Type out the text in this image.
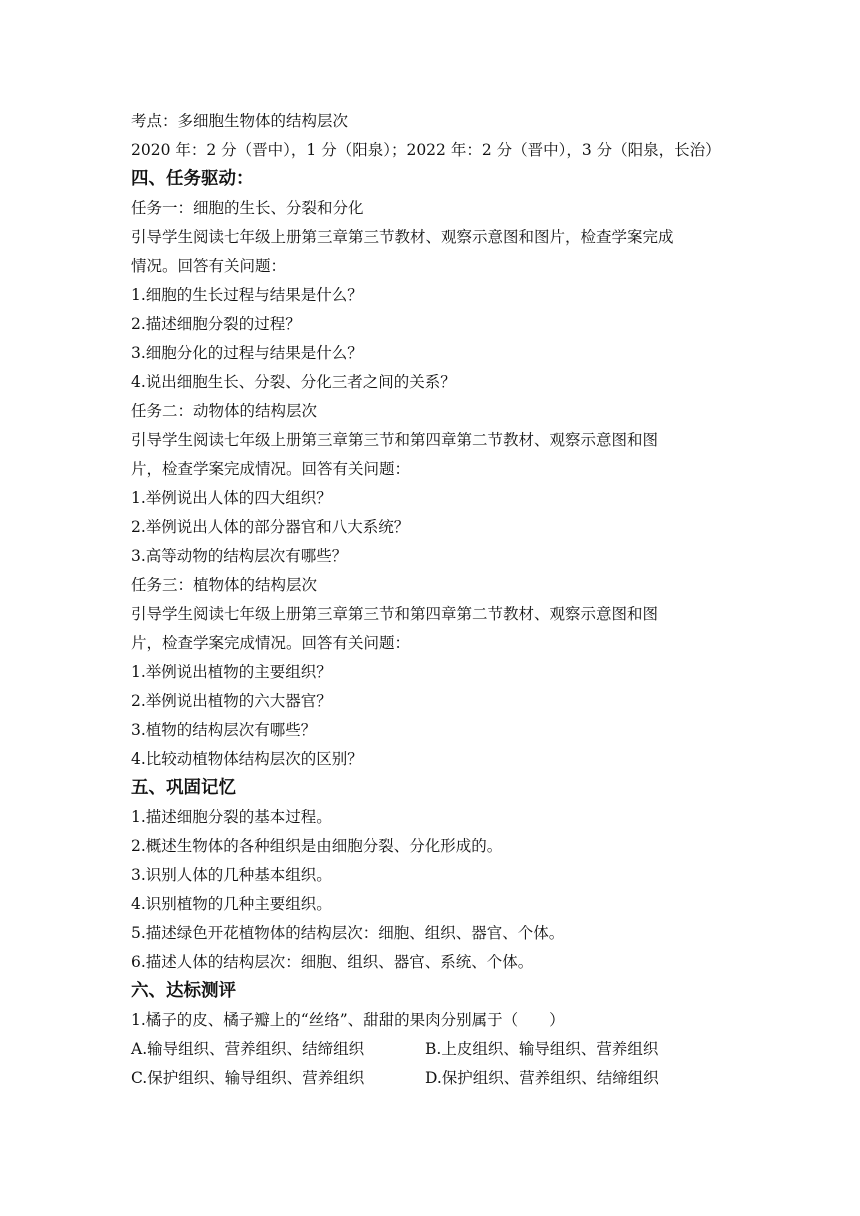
考点：多细胞生物体的结构层次
2020 年：2 分（晋中），1 分（阳泉）；2022 年：2 分（晋中），3 分（阳泉，长治）
四、任务驱动：
任务一：细胞的生长、分裂和分化
引导学生阅读七年级上册第三章第三节教材、观察示意图和图片，检查学案完成
情况。回答有关问题：
1.细胞的生长过程与结果是什么？
2.描述细胞分裂的过程？
3.细胞分化的过程与结果是什么？
4.说出细胞生长、分裂、分化三者之间的关系？
任务二：动物体的结构层次
引导学生阅读七年级上册第三章第三节和第四章第二节教材、观察示意图和图
片，检查学案完成情况。回答有关问题：
1.举例说出人体的四大组织？
2.举例说出人体的部分器官和八大系统？
3.高等动物的结构层次有哪些？
任务三：植物体的结构层次
引导学生阅读七年级上册第三章第三节和第四章第二节教材、观察示意图和图
片，检查学案完成情况。回答有关问题：
1.举例说出植物的主要组织？
2.举例说出植物的六大器官？
3.植物的结构层次有哪些？
4.比较动植物体结构层次的区别？
五、巩固记忆
1.描述细胞分裂的基本过程。
2.概述生物体的各种组织是由细胞分裂、分化形成的。
3.识别人体的几种基本组织。
4.识别植物的几种主要组织。
5.描述绿色开花植物体的结构层次：细胞、组织、器官、个体。
6.描述人体的结构层次：细胞、组织、器官、系统、个体。
六、达标测评
1.橘子的皮、橘子瓣上的“丝络”、甜甜的果肉分别属于（　　）
A.输导组织、营养组织、结缔组织	B.上皮组织、输导组织、营养组织
C.保护组织、输导组织、营养组织	D.保护组织、营养组织、结缔组织
